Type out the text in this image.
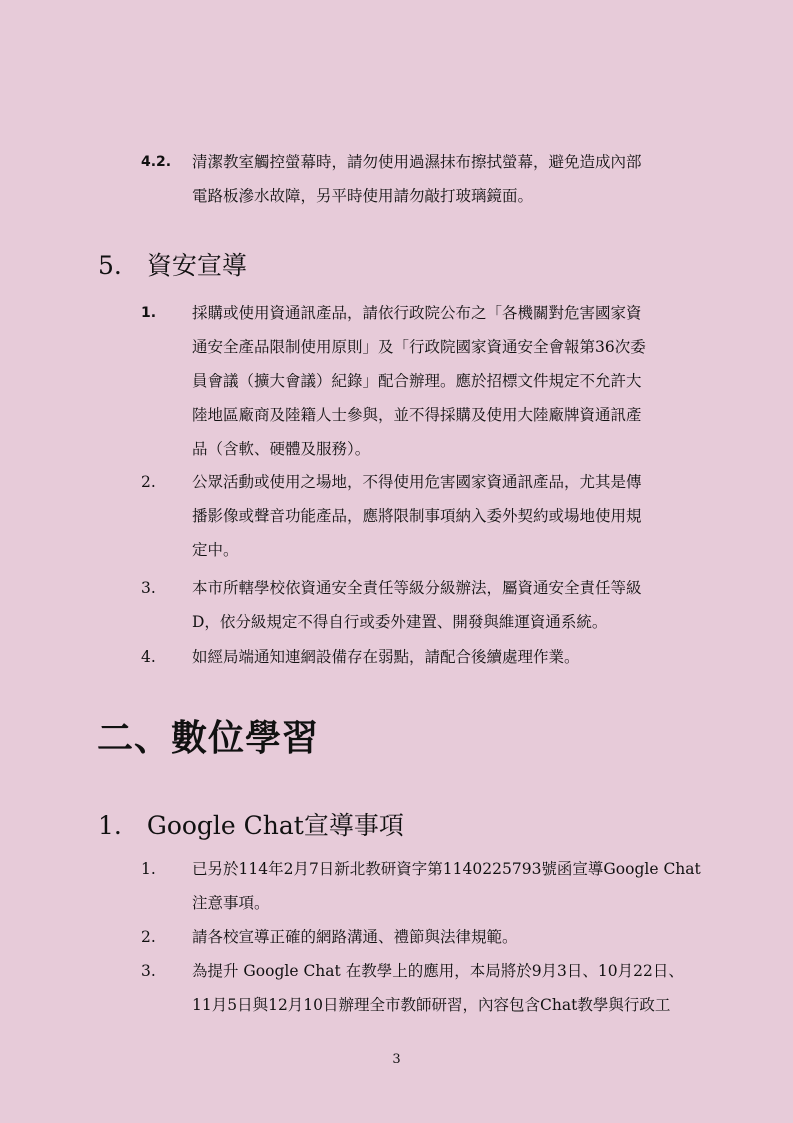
4.2. 清潔教室觸控螢幕時，請勿使用過濕抹布擦拭螢幕，避免造成內部
電路板滲水故障，另平時使用請勿敲打玻璃鏡面。
5.　資安宣導
1. 採購或使用資通訊產品，請依行政院公布之「各機關對危害國家資
通安全產品限制使用原則」及「行政院國家資通安全會報第36次委
員會議（擴大會議）紀錄」配合辦理。應於招標文件規定不允許大
陸地區廠商及陸籍人士參與，並不得採購及使用大陸廠牌資通訊產
品（含軟、硬體及服務）。
2. 公眾活動或使用之場地，不得使用危害國家資通訊產品，尤其是傳
播影像或聲音功能產品，應將限制事項納入委外契約或場地使用規
定中。
3. 本市所轄學校依資通安全責任等級分級辦法，屬資通安全責任等級
D，依分級規定不得自行或委外建置、開發與維運資通系統。
4. 如經局端通知連網設備存在弱點，請配合後續處理作業。
二、數位學習
1.　Google Chat宣導事項
1. 已另於114年2月7日新北教研資字第1140225793號函宣導Google Chat
注意事項。
2. 請各校宣導正確的網路溝通、禮節與法律規範。
3. 為提升 Google Chat 在教學上的應用，本局將於9月3日、10月22日、
11月5日與12月10日辦理全市教師研習，內容包含Chat教學與行政工
3
